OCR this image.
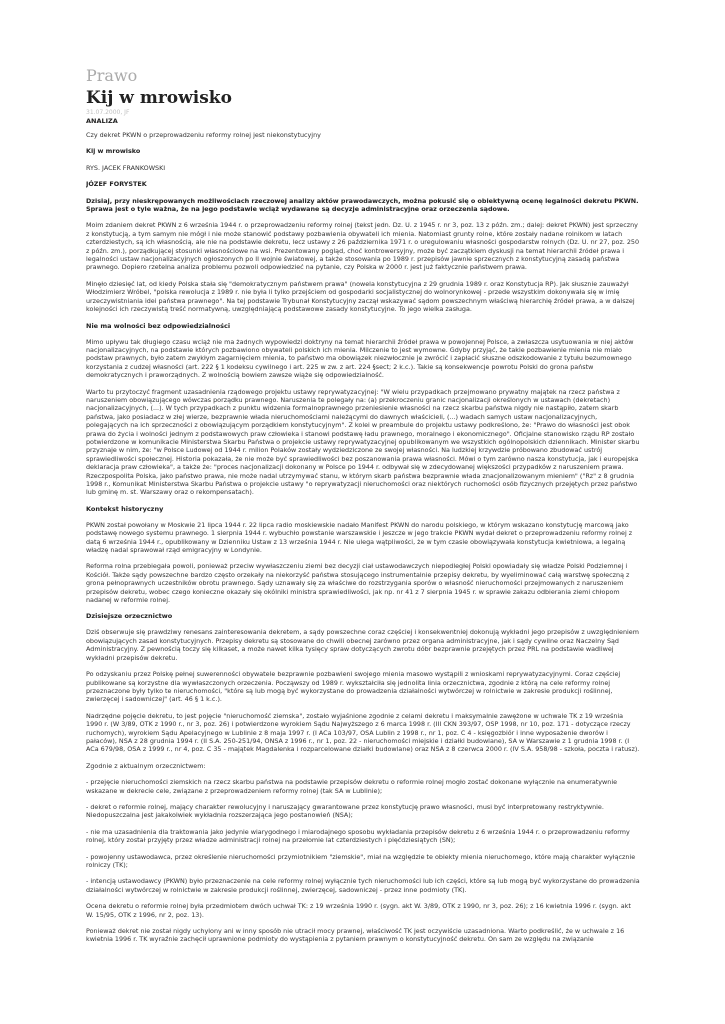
Prawo
Kij w mrowisko
31.07.2000, JF
ANALIZA

Czy dekret PKWN o przeprowadzeniu reformy rolnej jest niekonstytucyjny

Kij w mrowisko

RYS. JACEK FRANKOWSKI

JÓZEF FORYSTEK

Dzisiaj, przy nieskrępowanych możliwościach rzeczowej analizy aktów prawodawczych, można pokusić się o obiektywną ocenę legalności dekretu PKWN. Sprawa jest o tyle ważna, że na jego podstawie wciąż wydawane są decyzje administracyjne oraz orzeczenia sądowe.

Moim zdaniem dekret PKWN z 6 września 1944 r. o przeprowadzeniu reformy rolnej (tekst jedn. Dz. U. z 1945 r. nr 3, poz. 13 z późn. zm.; dalej: dekret PKWN) jest sprzeczny z konstytucją, a tym samym nie mógł i nie może stanowić podstawy pozbawienia obywateli ich mienia. Natomiast grunty rolne, które zostały nadane rolnikom w latach czterdziestych, są ich własnością, ale nie na podstawie dekretu, lecz ustawy z 26 października 1971 r. o uregulowaniu własności gospodarstw rolnych (Dz. U. nr 27, poz. 250 z późn. zm.), porządkującej stosunki własnościowe na wsi. Prezentowany pogląd, choć kontrowersyjny, może być zaczątkiem dyskusji na temat hierarchii źródeł prawa i legalności ustaw nacjonalizacyjnych ogłoszonych po II wojnie światowej, a także stosowania po 1989 r. przepisów jawnie sprzecznych z konstytucyjną zasadą państwa prawnego. Dopiero rzetelna analiza problemu pozwoli odpowiedzieć na pytanie, czy Polska w 2000 r. jest już faktycznie państwem prawa.

Minęło dziesięć lat, od kiedy Polska stała się "demokratycznym państwem prawa" (nowela konstytucyjna z 29 grudnia 1989 r. oraz Konstytucja RP). Jak słusznie zauważył Włodzimierz Wróbel, "polska rewolucja z 1989 r. nie była li tylko przejściem od gospodarki socjalistycznej do wolnorynkowej - przede wszystkim dokonywała się w imię urzeczywistniania idei państwa prawnego". Na tej podstawie Trybunał Konstytucyjny zaczął wskazywać sądom powszechnym właściwą hierarchię źródeł prawa, a w dalszej kolejności ich rzeczywistą treść normatywną, uwzględniającą podstawowe zasady konstytucyjne. To jego wielka zasługa.

Nie ma wolności bez odpowiedzialności

Mimo upływu tak długiego czasu wciąż nie ma żadnych wypowiedzi doktryny na temat hierarchii źródeł prawa w powojennej Polsce, a zwłaszcza usytuowania w niej aktów nacjonalizacyjnych, na podstawie których pozbawiono obywateli polskich ich mienia. Milczenie to jest wymowne. Gdyby przyjąć, że takie pozbawienie mienia nie miało podstaw prawnych, było zatem zwykłym zagarnięciem mienia, to państwo ma obowiązek niezwłocznie je zwrócić i zapłacić słuszne odszkodowanie z tytułu bezumownego korzystania z cudzej własności (art. 222 § 1 kodeksu cywilnego i art. 225 w zw. z art. 224 §sect; 2 k.c.). Takie są konsekwencje powrotu Polski do grona państw demokratycznych i praworządnych. Z wolnością bowiem zawsze wiąże się odpowiedzialność.

Warto tu przytoczyć fragment uzasadnienia rządowego projektu ustawy reprywatyzacyjnej: "W wielu przypadkach przejmowano prywatny majątek na rzecz państwa z naruszeniem obowiązującego wówczas porządku prawnego. Naruszenia te polegały na: (a) przekroczeniu granic nacjonalizacji określonych w ustawach (dekretach) nacjonalizacyjnych, (...). W tych przypadkach z punktu widzenia formalnoprawnego przeniesienie własności na rzecz skarbu państwa nigdy nie nastąpiło, zatem skarb państwa, jako posiadacz w złej wierze, bezprawnie włada nieruchomościami należącymi do dawnych właścicieli, (...) wadach samych ustaw nacjonalizacyjnych, polegających na ich sprzeczności z obowiązującym porządkiem konstytucyjnym". Z kolei w preambule do projektu ustawy podkreślono, że: "Prawo do własności jest obok prawa do życia i wolności jednym z podstawowych praw człowieka i stanowi podstawę ładu prawnego, moralnego i ekonomicznego". Oficjalne stanowisko rządu RP zostało potwierdzone w komunikacie Ministerstwa Skarbu Państwa o projekcie ustawy reprywatyzacyjnej opublikowanym we wszystkich ogólnopolskich dziennikach. Minister skarbu przyznaje w nim, że: "w Polsce Ludowej od 1944 r. milion Polaków zostały wydziedziczone ze swojej własności. Na ludzkiej krzywdzie próbowano zbudować ustrój sprawiedliwości społecznej. Historia pokazała, że nie może być sprawiedliwości bez poszanowania prawa własności. Mówi o tym zarówno nasza konstytucja, jak i europejska deklaracja praw człowieka", a także że: "proces nacjonalizacji dokonany w Polsce po 1944 r. odbywał się w zdecydowanej większości przypadków z naruszeniem prawa. Rzeczpospolita Polska, jako państwo prawa, nie może nadal utrzymywać stanu, w którym skarb państwa bezprawnie włada znacjonalizowanym mieniem" ("Rz" z 8 grudnia 1998 r., Komunikat Ministerstwa Skarbu Państwa o projekcie ustawy "o reprywatyzacji nieruchomości oraz niektórych ruchomości osób fizycznych przejętych przez państwo lub gminę m. st. Warszawy oraz o rekompensatach).

Kontekst historyczny

PKWN został powołany w Moskwie 21 lipca 1944 r. 22 lipca radio moskiewskie nadało Manifest PKWN do narodu polskiego, w którym wskazano konstytucję marcową jako podstawę nowego systemu prawnego. 1 sierpnia 1944 r. wybuchło powstanie warszawskie i jeszcze w jego trakcie PKWN wydał dekret o przeprowadzeniu reformy rolnej z datą 6 września 1944 r., opublikowany w Dzienniku Ustaw z 13 września 1944 r. Nie ulega wątpliwości, że w tym czasie obowiązywała konstytucja kwietniowa, a legalną władzę nadal sprawował rząd emigracyjny w Londynie.

Reforma rolna przebiegała powoli, ponieważ przeciw wywłaszczeniu ziemi bez decyzji ciał ustawodawczych niepodległej Polski opowiadały się władze Polski Podziemnej i Kościół. Także sądy powszechne bardzo często orzekały na niekorzyść państwa stosującego instrumentalnie przepisy dekretu, by wyeliminować całą warstwę społeczną z grona pełnoprawnych uczestników obrotu prawnego. Sądy uznawały się za właściwe do rozstrzygania sporów o własność nieruchomości przejmowanych z naruszeniem przepisów dekretu, wobec czego konieczne okazały się okólniki ministra sprawiedliwości, jak np. nr 41 z 7 sierpnia 1945 r. w sprawie zakazu odbierania ziemi chłopom nadanej w reformie rolnej.

Dzisiejsze orzecznictwo

Dziś obserwuje się prawdziwy renesans zainteresowania dekretem, a sądy powszechne coraz częściej i konsekwentniej dokonują wykładni jego przepisów z uwzględnieniem obowiązujących zasad konstytucyjnych. Przepisy dekretu są stosowane do chwili obecnej zarówno przez organa administracyjne, jak i sądy cywilne oraz Naczelny Sąd Administracyjny. Z pewnością toczy się kilkaset, a może nawet kilka tysięcy spraw dotyczących zwrotu dóbr bezprawnie przejętych przez PRL na podstawie wadliwej wykładni przepisów dekretu.

Po odzyskaniu przez Polskę pełnej suwerenności obywatele bezprawnie pozbawieni swojego mienia masowo wystąpili z wnioskami reprywatyzacyjnymi. Coraz częściej publikowane są korzystne dla wywłaszczonych orzeczenia. Począwszy od 1989 r. wykształciła się jednolita linia orzecznictwa, zgodnie z którą na cele reformy rolnej przeznaczone były tylko te nieruchomości, "które są lub mogą być wykorzystane do prowadzenia działalności wytwórczej w rolnictwie w zakresie produkcji roślinnej, zwierzęcej i sadowniczej" (art. 46 § 1 k.c.).

Nadrzędne pojęcie dekretu, to jest pojęcie "nieruchomość ziemska", zostało wyjaśnione zgodnie z celami dekretu i maksymalnie zawężone w uchwale TK z 19 września 1990 r. (W 3/89, OTK z 1990 r., nr 3, poz. 26) i potwierdzone wyrokiem Sądu Najwyższego z 6 marca 1998 r. (III CKN 393/97, OSP 1998, nr 10, poz. 171 - dotyczące rzeczy ruchomych), wyrokiem Sądu Apelacyjnego w Lublinie z 8 maja 1997 r. (I ACa 103/97, OSA Lublin z 1998 r., nr 1, poz. C 4 - księgozbiór i inne wyposażenie dworów i pałaców), NSA z 28 grudnia 1994 r. (II S.A. 250-251/94, ONSA z 1996 r., nr 1, poz. 22 - nieruchomości miejskie i działki budowlane), SA w Warszawie z 1 grudnia 1998 r. (I ACa 679/98, OSA z 1999 r., nr 4, poz. C 35 - majątek Magdalenka i rozparcelowane działki budowlane) oraz NSA z 8 czerwca 2000 r. (IV S.A. 958/98 - szkoła, poczta i ratusz).

Zgodnie z aktualnym orzecznictwem:

- przejęcie nieruchomości ziemskich na rzecz skarbu państwa na podstawie przepisów dekretu o reformie rolnej mogło zostać dokonane wyłącznie na enumeratywnie wskazane w dekrecie cele, związane z przeprowadzeniem reformy rolnej (tak SA w Lublinie);

- dekret o reformie rolnej, mający charakter rewolucyjny i naruszający gwarantowane przez konstytucję prawo własności, musi być interpretowany restryktywnie. Niedopuszczalna jest jakakolwiek wykładnia rozszerzająca jego postanowień (NSA);

- nie ma uzasadnienia dla traktowania jako jedynie wiarygodnego i miarodajnego sposobu wykładania przepisów dekretu z 6 września 1944 r. o przeprowadzeniu reformy rolnej, który został przyjęty przez władze administracji rolnej na przełomie lat czterdziestych i pięćdziesiątych (SN);

- powojenny ustawodawca, przez określenie nieruchomości przymiotnikiem "ziemskie", miał na względzie te obiekty mienia nieruchomego, które mają charakter wyłącznie rolniczy (TK);

- intencją ustawodawcy (PKWN) było przeznaczenie na cele reformy rolnej wyłącznie tych nieruchomości lub ich części, które są lub mogą być wykorzystane do prowadzenia działalności wytwórczej w rolnictwie w zakresie produkcji roślinnej, zwierzęcej, sadowniczej - przez inne podmioty (TK).

Ocena dekretu o reformie rolnej była przedmiotem dwóch uchwał TK: z 19 września 1990 r. (sygn. akt W. 3/89, OTK z 1990, nr 3, poz. 26); z 16 kwietnia 1996 r. (sygn. akt W. 15/95, OTK z 1996, nr 2, poz. 13).

Ponieważ dekret nie został nigdy uchylony ani w inny sposób nie utracił mocy prawnej, właściwość TK jest oczywiście uzasadniona. Warto podkreślić, że w uchwale z 16 kwietnia 1996 r. TK wyraźnie zachęcił uprawnione podmioty do wystąpienia z pytaniem prawnym o konstytucyjność dekretu. On sam ze względu na związanie
